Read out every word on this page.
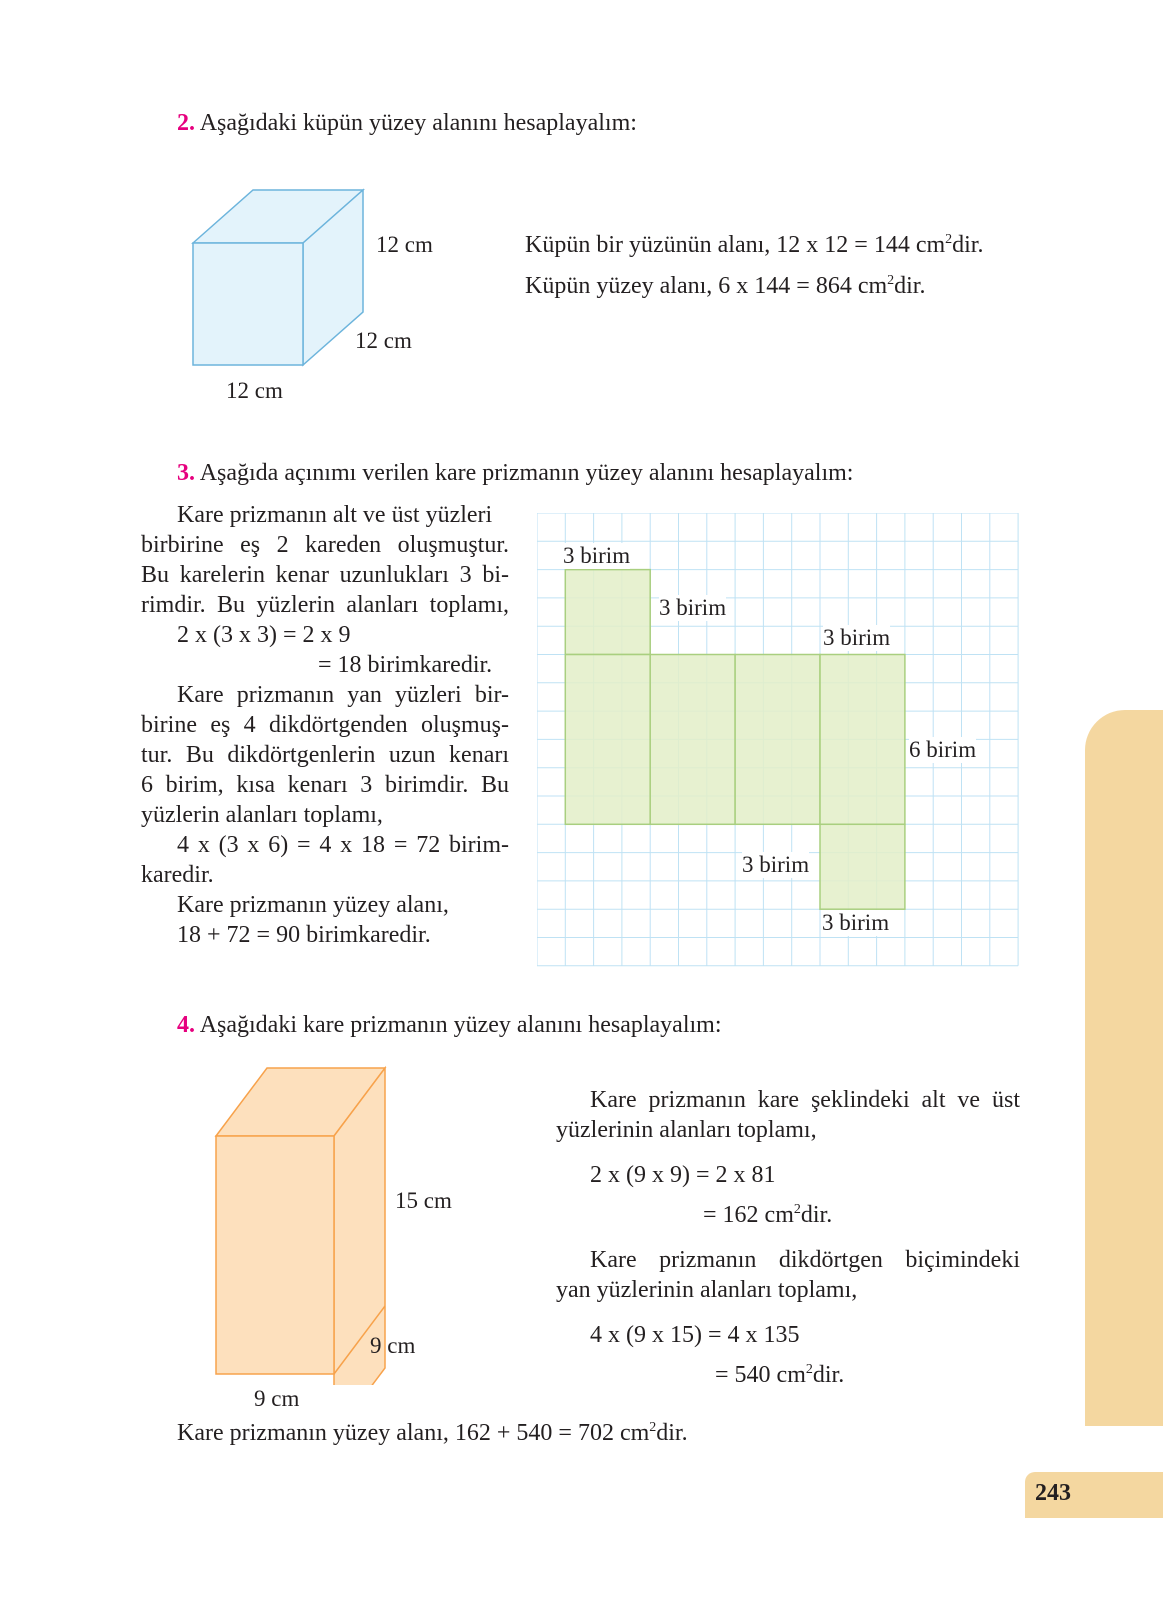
243
2. Aşağıdaki küpün yüzey alanını hesaplayalım:
12 cm
12 cm
12 cm
Küpün bir yüzünün alanı, 12 x 12 = 144 $cm^2dir$.
Küpün yüzey alanı, 6 x 144 = 864 $cm^2dir$.
3. Aşağıda açınımı verilen kare prizmanın yüzey alanını hesaplayalım:
Kare prizmanın alt ve üst yüzleri
birbirine eş 2 kareden oluşmuştur.
Bu karelerin kenar uzunlukları 3 bi-
rimdir. Bu yüzlerin alanları toplamı,
2 x (3 x 3) = 2 x 9
= 18 birimkaredir.
Kare prizmanın yan yüzleri bir-
birine eş 4 dikdörtgenden oluşmuş-
tur. Bu dikdörtgenlerin uzun kenarı
6 birim, kısa kenarı 3 birimdir. Bu
yüzlerin alanları toplamı,
4 x (3 x 6) = 4 x 18 = 72 birim-
karedir.
Kare prizmanın yüzey alanı,
18 + 72 = 90 birimkaredir.
3 birim
3 birim
3 birim
6 birim
3 birim
3 birim
4. Aşağıdaki kare prizmanın yüzey alanını hesaplayalım:
15 cm
9 cm
9 cm
Kare prizmanın kare şeklindeki alt ve üst
yüzlerinin alanları toplamı,
2 x (9 x 9) = 2 x 81
= 162 $cm^2dir$.
Kare prizmanın dikdörtgen biçimindeki
yan yüzlerinin alanları toplamı,
4 x (9 x 15) = 4 x 135
= 540 $cm^2dir$.
Kare prizmanın yüzey alanı, 162 + 540 = 702 $cm^2dir$.
